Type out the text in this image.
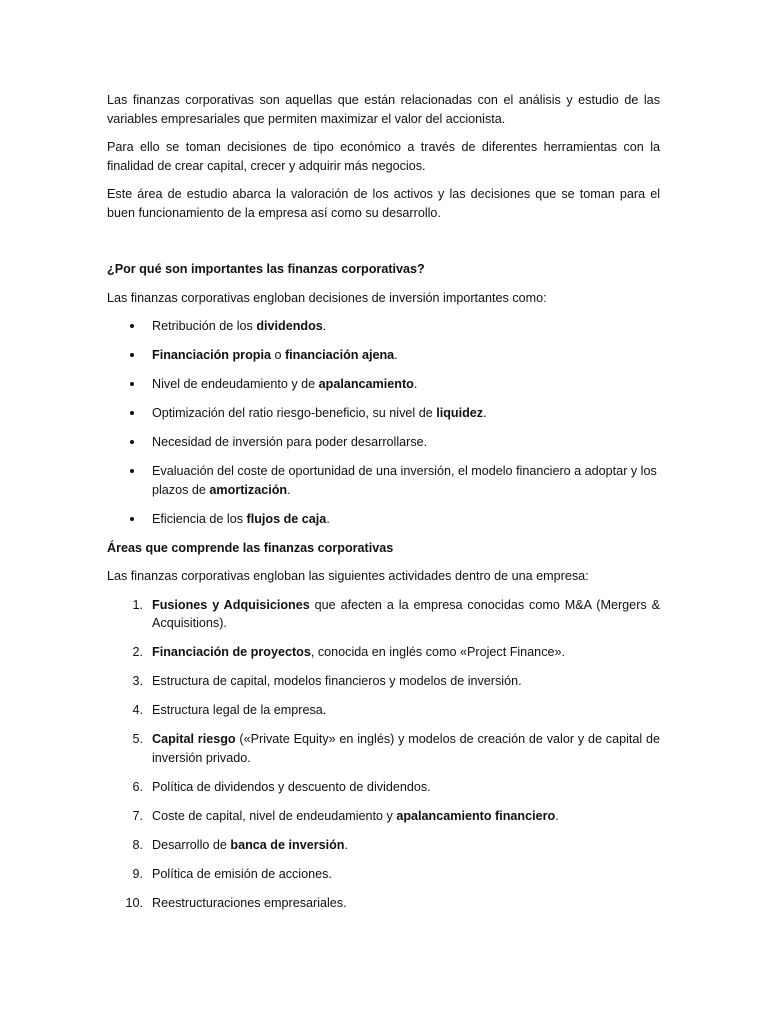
Las finanzas corporativas son aquellas que están relacionadas con el análisis y estudio de las variables empresariales que permiten maximizar el valor del accionista.

Para ello se toman decisiones de tipo económico a través de diferentes herramientas con la finalidad de crear capital, crecer y adquirir más negocios.

Este área de estudio abarca la valoración de los activos y las decisiones que se toman para el buen funcionamiento de la empresa así como su desarrollo.

¿Por qué son importantes las finanzas corporativas?

Las finanzas corporativas engloban decisiones de inversión importantes como:

Retribución de los dividendos.
Financiación propia o financiación ajena.
Nivel de endeudamiento y de apalancamiento.
Optimización del ratio riesgo-beneficio, su nivel de liquidez.
Necesidad de inversión para poder desarrollarse.
Evaluación del coste de oportunidad de una inversión, el modelo financiero a adoptar y los plazos de amortización.
Eficiencia de los flujos de caja.
Áreas que comprende las finanzas corporativas

Las finanzas corporativas engloban las siguientes actividades dentro de una empresa:

1. Fusiones y Adquisiciones que afecten a la empresa conocidas como M&A (Mergers & Acquisitions).
2. Financiación de proyectos, conocida en inglés como «Project Finance».
3. Estructura de capital, modelos financieros y modelos de inversión.
4. Estructura legal de la empresa.
5. Capital riesgo («Private Equity» en inglés) y modelos de creación de valor y de capital de inversión privado.
6. Política de dividendos y descuento de dividendos.
7. Coste de capital, nivel de endeudamiento y apalancamiento financiero.
8. Desarrollo de banca de inversión.
9. Política de emisión de acciones.
10. Reestructuraciones empresariales.
